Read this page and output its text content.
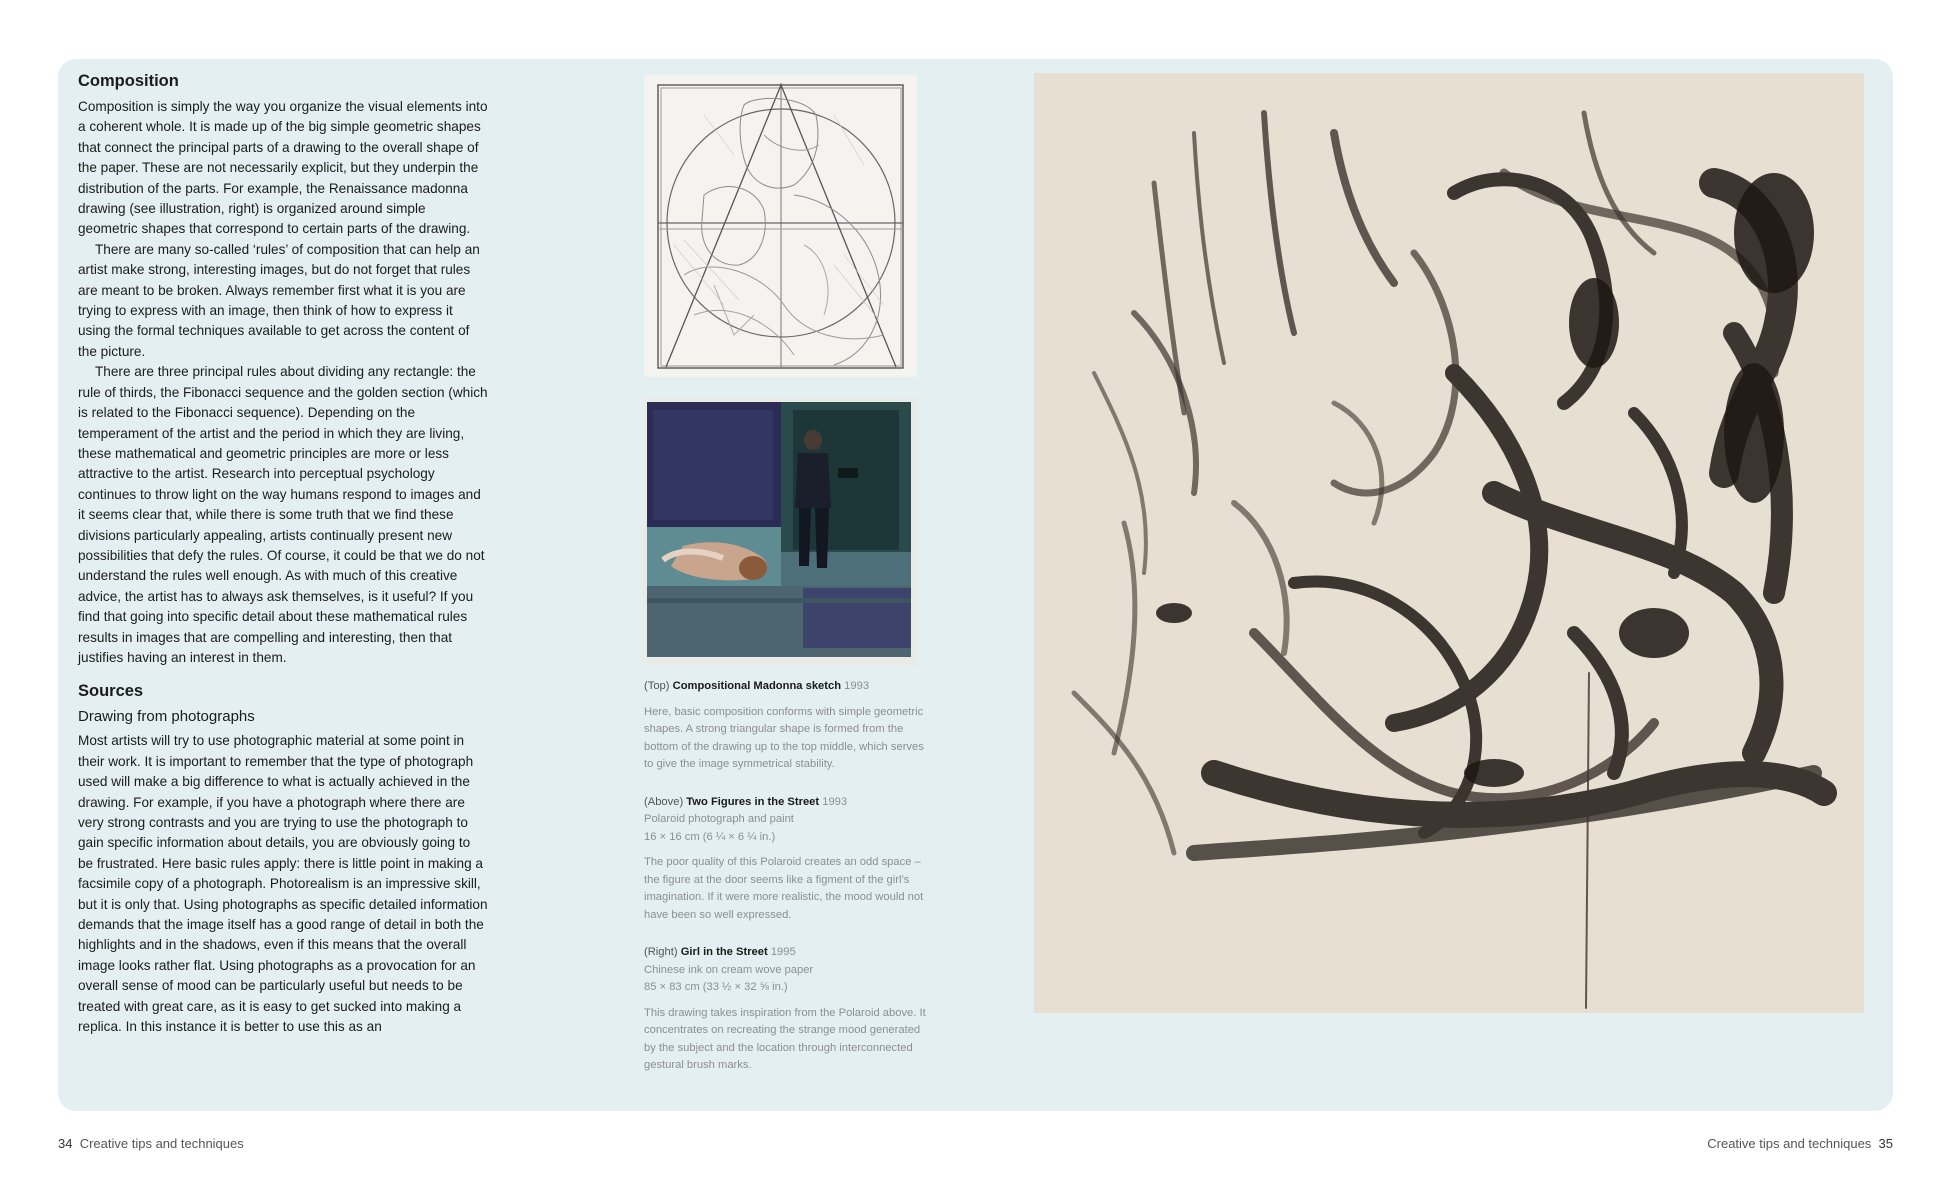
Composition

Composition is simply the way you organize the visual elements into a coherent whole. It is made up of the big simple geometric shapes that connect the principal parts of a drawing to the overall shape of the paper. These are not necessarily explicit, but they underpin the distribution of the parts. For example, the Renaissance madonna drawing (see illustration, right) is organized around simple geometric shapes that correspond to certain parts of the drawing.

There are many so-called ‘rules’ of composition that can help an artist make strong, interesting images, but do not forget that rules are meant to be broken. Always remember first what it is you are trying to express with an image, then think of how to express it using the formal techniques available to get across the content of the picture.

There are three principal rules about dividing any rectangle: the rule of thirds, the Fibonacci sequence and the golden section (which is related to the Fibonacci sequence). Depending on the temperament of the artist and the period in which they are living, these mathematical and geometric principles are more or less attractive to the artist. Research into perceptual psychology continues to throw light on the way humans respond to images and it seems clear that, while there is some truth that we find these divisions particularly appealing, artists continually present new possibilities that defy the rules. Of course, it could be that we do not understand the rules well enough. As with much of this creative advice, the artist has to always ask themselves, is it useful? If you find that going into specific detail about these mathematical rules results in images that are compelling and interesting, then that justifies having an interest in them.

Sources
Drawing from photographs

Most artists will try to use photographic material at some point in their work. It is important to remember that the type of photograph used will make a big difference to what is actually achieved in the drawing. For example, if you have a photograph where there are very strong contrasts and you are trying to use the photograph to gain specific information about details, you are obviously going to be frustrated. Here basic rules apply: there is little point in making a facsimile copy of a photograph. Photorealism is an impressive skill, but it is only that. Using photographs as specific detailed information demands that the image itself has a good range of detail in both the highlights and in the shadows, even if this means that the overall image looks rather flat. Using photographs as a provocation for an overall sense of mood can be particularly useful but needs to be treated with great care, as it is easy to get sucked into making a replica. In this instance it is better to use this as an

(Top) Compositional Madonna sketch 1993
Here, basic composition conforms with simple geometric shapes. A strong triangular shape is formed from the bottom of the drawing up to the top middle, which serves to give the image symmetrical stability.
(Above) Two Figures in the Street 1993
Polaroid photograph and paint
16 × 16 cm (6 ¼ × 6 ¼ in.)
The poor quality of this Polaroid creates an odd space – the figure at the door seems like a figment of the girl’s imagination. If it were more realistic, the mood would not have been so well expressed.
(Right) Girl in the Street 1995
Chinese ink on cream wove paper
85 × 83 cm (33 ½ × 32 ⅝ in.)
This drawing takes inspiration from the Polaroid above. It concentrates on recreating the strange mood generated by the subject and the location through interconnected gestural brush marks.
34 Creative tips and techniques	Creative tips and techniques 35
